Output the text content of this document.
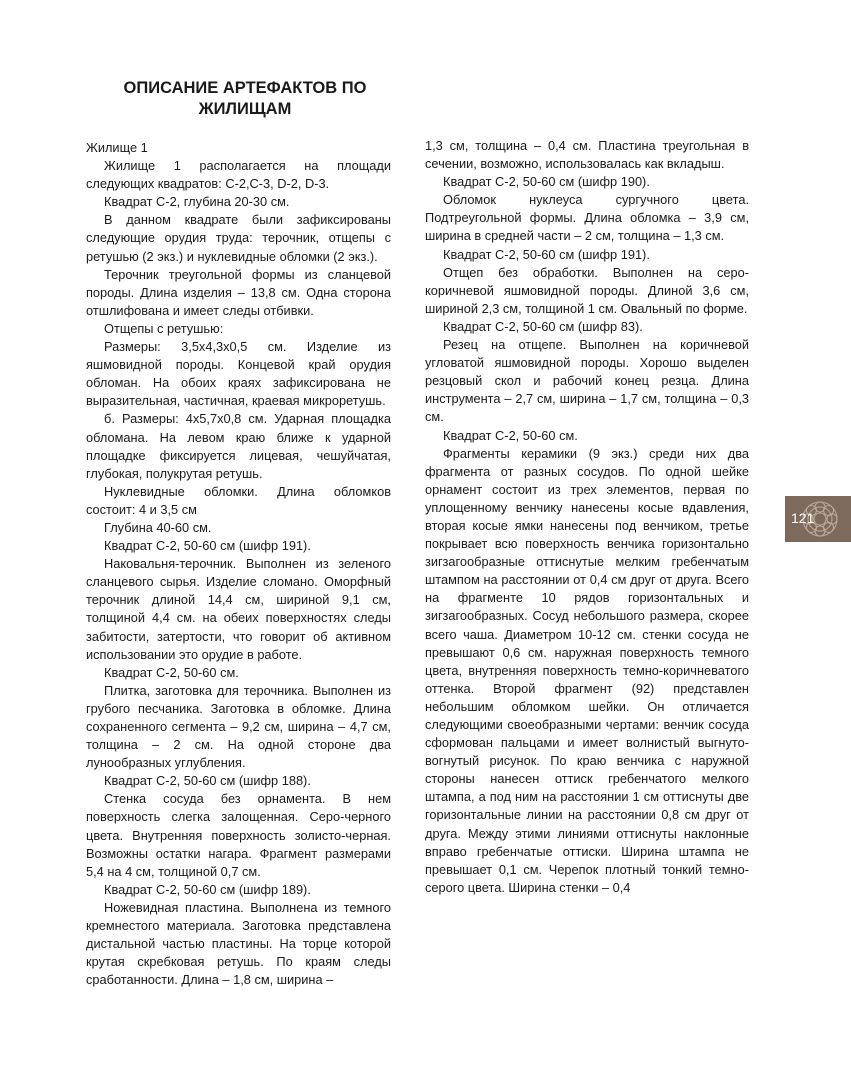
ОПИСАНИЕ АРТЕФАКТОВ ПО
ЖИЛИЩАМ

Жилище 1

Жилище 1 располагается на площади следующих квадратов: С-2,С-3, D-2, D-3.

Квадрат С-2, глубина 20-30 см.

В данном квадрате были зафиксированы следующие орудия труда: терочник, отщепы с ретушью (2 экз.) и нуклевидные обломки (2 экз.).

Терочник треугольной формы из сланцевой породы. Длина изделия – 13,8 см. Одна сторона отшлифована и имеет следы отбивки.

Отщепы с ретушью:

Размеры: 3,5х4,3х0,5 см. Изделие из яшмовидной породы. Концевой край орудия обломан. На обоих краях зафиксирована не выразительная, частичная, краевая микроретушь.

б. Размеры: 4х5,7х0,8 см. Ударная площадка обломана. На левом краю ближе к ударной площадке фиксируется лицевая, чешуйчатая, глубокая, полукрутая ретушь.

Нуклевидные обломки. Длина обломков состоит: 4 и 3,5 см

Глубина 40-60 см.

Квадрат С-2, 50-60 см (шифр 191).

Наковальня-терочник. Выполнен из зеленого сланцевого сырья. Изделие сломано. Оморфный терочник длиной 14,4 см, шириной 9,1 см, толщиной 4,4 см. на обеих поверхностях следы забитости, затертости, что говорит об активном использовании это орудие в работе.

Квадрат С-2, 50-60 см.

Плитка, заготовка для терочника. Выполнен из грубого песчаника. Заготовка в обломке. Длина сохраненного сегмента – 9,2 см, ширина – 4,7 см, толщина – 2 см. На одной стороне два лунообразных углубления.

Квадрат С-2, 50-60 см (шифр 188).

Стенка сосуда без орнамента. В нем поверхность слегка залощенная. Серо-черного цвета. Внутренняя поверхность золисто-черная. Возможны остатки нагара. Фрагмент размерами 5,4 на 4 см, толщиной 0,7 см.

Квадрат С-2, 50-60 см (шифр 189).

Ножевидная пластина. Выполнена из темного кремнестого материала. Заготовка представлена дистальной частью пластины. На торце которой крутая скребковая ретушь. По краям следы сработанности. Длина – 1,8 см, ширина –

1,3 см, толщина – 0,4 см. Пластина треугольная в сечении, возможно, использовалась как вкладыш.

Квадрат С-2, 50-60 см (шифр 190).

Обломок нуклеуса сургучного цвета. Подтреугольной формы. Длина обломка – 3,9 см, ширина в средней части – 2 см, толщина – 1,3 см.

Квадрат С-2, 50-60 см (шифр 191).

Отщеп без обработки. Выполнен на серо-коричневой яшмовидной породы. Длиной 3,6 см, шириной 2,3 см, толщиной 1 см. Овальный по форме.

Квадрат С-2, 50-60 см (шифр 83).

Резец на отщепе. Выполнен на коричневой угловатой яшмовидной породы. Хорошо выделен резцовый скол и рабочий конец резца. Длина инструмента – 2,7 см, ширина – 1,7 см, толщина – 0,3 см.

Квадрат С-2, 50-60 см.

Фрагменты керамики (9 экз.) среди них два фрагмента от разных сосудов. По одной шейке орнамент состоит из трех элементов, первая по уплощенному венчику нанесены косые вдавления, вторая косые ямки нанесены под венчиком, третье покрывает всю поверхность венчика горизонтально зигзагообразные оттиснутые мелким гребенчатым штампом на расстоянии от 0,4 см друг от друга. Всего на фрагменте 10 рядов горизонтальных и зигзагообразных. Сосуд небольшого размера, скорее всего чаша. Диаметром 10-12 см. стенки сосуда не превышают 0,6 см. наружная поверхность темного цвета, внутренняя поверхность темно-коричневатого оттенка. Второй фрагмент (92) представлен небольшим обломком шейки. Он отличается следующими своеобразными чертами: венчик сосуда сформован пальцами и имеет волнистый выгнуто-вогнутый рисунок. По краю венчика с наружной стороны нанесен оттиск гребенчатого мелкого штампа, а под ним на расстоянии 1 см оттиснуты две горизонтальные линии на расстоянии 0,8 см друг от друга. Между этими линиями оттиснуты наклонные вправо гребенчатые оттиски. Ширина штампа не превышает 0,1 см. Черепок плотный тонкий темно-серого цвета. Ширина стенки – 0,4

121
